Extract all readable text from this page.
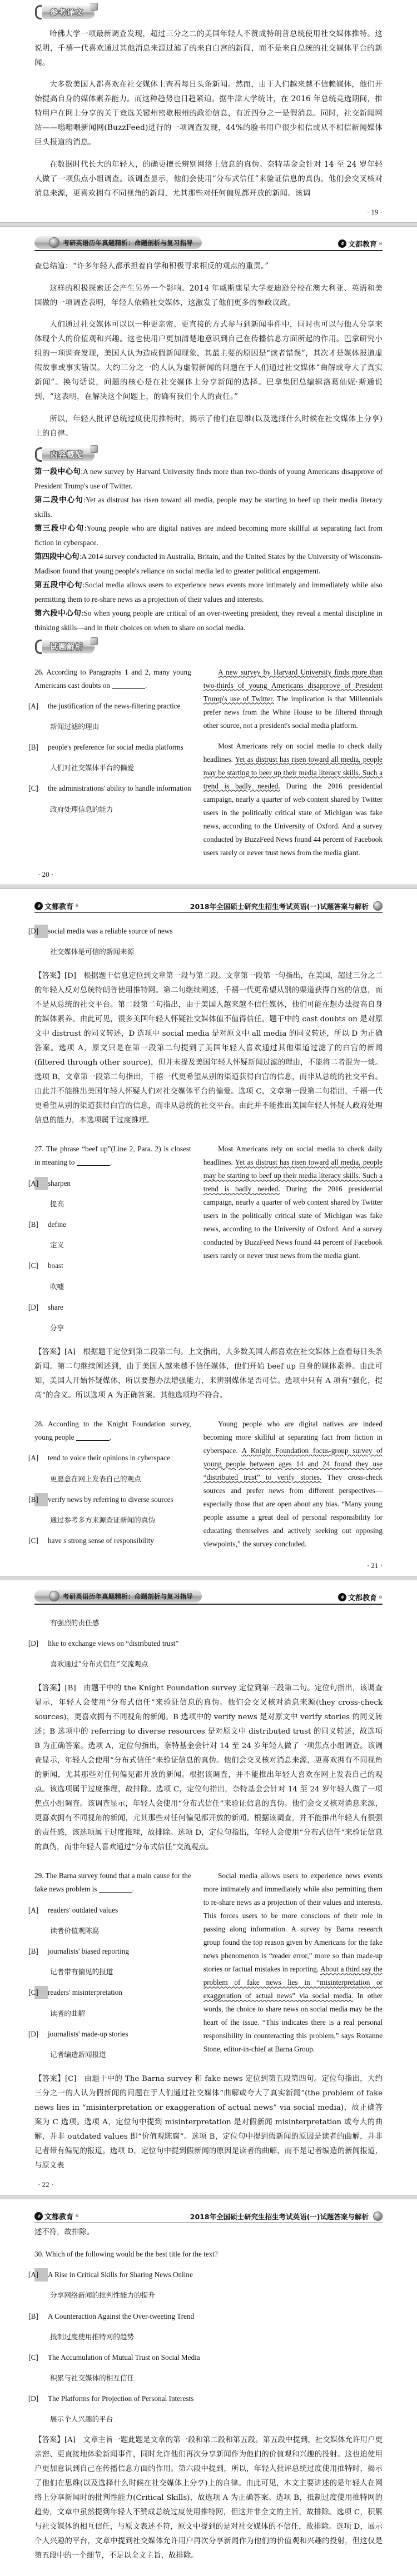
参考译文

哈佛大学一项最新调查发现，超过三分之二的美国年轻人不赞成特朗普总统使用社交媒体推特。这说明，千禧一代喜欢通过其他消息来源过滤了的来自白宫的新闻，而不是来自总统的社交媒体平台的新闻。

大多数美国人都喜欢在社交媒体上查看每日头条新闻。然而，由于人们越来越不信赖媒体，他们开始提高自身的媒体素养能力。而这种趋势也日趋紧迫。据牛津大学统计，在 2016 年总统竞选期间，推特用户在网上分享的关于竞选关键州密歇根州的政治信息，有近四分之一是假消息。同时，社交新闻网站——嗡嗡喂新闻网(BuzzFeed)进行的一项调查发现，44%的脸书用户很少相信或从不相信新闻媒体巨头报道的消息。

在数据时代长大的年轻人，的确更擅长辨别网络上信息的真伪。奈特基金会针对 14 至 24 岁年轻人做了一项焦点小组调查。该调查显示，他们会使用“分布式信任”来验证信息的真伪。他们会交叉核对消息来源，更喜欢拥有不同视角的新闻，尤其那些对任何偏见都开放的新闻。该调

· 19 ·
考研英语历年真题精析：命题剖析与复习指导	⌽ 文都教育 ®

查总结道：“许多年轻人都承担着自学和积极寻求相反的观点的重责。”

这样的积极探索还会产生另外一个影响。2014 年威斯康星大学麦迪逊分校在澳大利亚、英语和美国做的一项调查表明，年轻人依赖社交媒体，这激发了他们更多的参政议政。

人们通过社交媒体可以以一种更亲密、更直接的方式参与到新闻事件中，同时也可以与他人分享来体现个人的价值观和兴趣。这也使用户更加清楚地意识到自己在传播信息方面所起的作用。巴拿研究小组的一项调查发现，美国人认为造成假新闻现象，其最主要的原因是“读者错误”，其次才是媒体报道虚假故事或事实错误。大约三分之一的人认为虚假新闻的问题在于人们通过社交媒体“曲解或夸大了真实新闻”。换句话说，问题的核心是在社交媒体上分享新闻的选择。巴拿集团总编辑洛葛仙妮·斯通说到，“这表明，在解决这个问题上，的确有我们个人的责任。”

所以，年轻人批评总统过度使用推特时，揭示了他们在思维(以及选择什么时候在社交媒体上分享)上的自律。

内容概览

第一段中心句:A new survey by Harvard University finds more than two-thirds of young Americans disapprove of President Trump's use of Twitter.

第二段中心句:Yet as distrust has risen toward all media, people may be starting to beef up their media literacy skills.

第三段中心句:Young people who are digital natives are indeed becoming more skillful at separating fact from fiction in cyberspace.

第四段中心句:A 2014 survey conducted in Australia, Britain, and the United States by the University of Wisconsin-Madison found that young people's reliance on social media led to greater political engagement.

第五段中心句:Social media allows users to experience news events more intimately and immediately while also permitting them to re-share news as a projection of their values and interests.

第六段中心句:So when young people are critical of an over-tweeting president, they reveal a mental discipline in thinking skills—and in their choices on when to share on social media.

试题解析

26. According to Paragraphs 1 and 2, many young Americans cast doubts on	.

[A] the justification of the news-filtering practice

新闻过滤的理由

[B] people's preference for social media platforms

人们对社交媒体平台的偏爱

[C] the administrations' ability to handle information

政府处理信息的能力

A new survey by Harvard University finds more than two-thirds of young Americans disapprove of President Trump's use of Twitter. The implication is that Millennials prefer news from the White House to be filtered through other source, not a president's social media platform.

Most Americans rely on social media to check daily headlines. Yet as distrust has risen toward all media, people may be starting to beer up their media literacy skills. Such a trend is badly needed. During the 2016 presidential campaign, nearly a quarter of web content shared by Twitter users in the politically critical state of Michigan was fake news, according to the University of Oxford. And a survey conducted by BuzzFeed News found 44 percent of Facebook users rarely or never trust news from the media giant.

· 20 ·
⌽ 文都教育 ®	2018年全国硕士研究生招生考试英语(一)试题答案与解析

[D] social media was a reliable source of news

社交媒体是可信的新闻来源

【答案】[D]　根据题干信息定位到文章第一段与第二段。文章第一段第一句指出，在美国，超过三分之二的年轻人反对总统特朗普使用推特网。第二句继续阐述，千禧一代更希望从别的渠道获得白宫的信息，而不是从总统的社交平台。第二段第二句指出，由于美国人越来越不信任媒体，他们可能在想办法提高自身的媒体素养。由此可见，很多美国年轻人怀疑社交媒体值不值得信任。题干中的 cast doubts on 是对原文中 distrust 的同义转述，D 选项中 social media 是对原文中 all media 的同义转述，所以 D 为正确答案。选项 A，原文只是在第一段第二句提到了美国年轻人喜欢通过其他渠道过滤了的白宫的新闻(filtered through other source)，但并未提及美国年轻人怀疑新闻过滤的理由，不能将二者混为一谈。选项 B，文章第一段第二句指出，千禧一代更希望从别的渠道获得白宫的信息，而非从总统的社交平台。由此并不能推出美国年轻人怀疑人们对社交媒体平台的偏爱。选项 C，文章第一段第二句指出，千禧一代更希望从别的渠道获得白宫的信息，而非从总统的社交平台。由此并不能推出美国年轻人怀疑人政府处理信息的能力，本选项属于过度推理。

27. The phrase “beef up”(Line 2, Para. 2) is closest in meaning to	.

[A] sharpen

提高

[B] define

定义

[C] boast

吹嘘

[D] share

分享

Most Americans rely on social media to check daily headlines. Yet as distrust has risen toward all media, people may be starting to beef up their media literacy skills. Such a trend is badly needed. During the 2016 presidential campaign, nearly a quarter of web content shared by Twitter users in the politically critical state of Michigan was fake news, according to the University of Oxford. And a survey conducted by BuzzFeed News found 44 percent of Facebook users rarely or never trust news from the media giant.

【答案】[A]　根据题干定位到第二段第二句。上文指出，大多数美国人都喜欢在社交媒体上查看每日头条新闻。第二句继续阐述到，由于美国人越来越不信任媒体，他们开始 beef up 自身的媒体素养。由此可知，美国人开始怀疑媒体，所以要想办法增强能力，来辨别媒体是否可信。选项中只有 A 项有“强化，提高”的含义。所以选项 A 为正确答案。其他选项均不符合。

28. According to the Knight Foundation survey, young people	.

[A] tend to voice their opinions in cyberspace

更愿意在网上发表自己的观点

[B] verify news by referring to diverse sources

通过参考多方来源查证新闻的真伪

[C] have s strong sense of responsibility

Young people who are digital natives are indeed becoming more skillful at separating fact from fiction in cyberspace. A Knight Foundation focus-group survey of young people between ages 14 and 24 found they use “distributed trust” to verify stories. They cross-check sources and prefer news from different perspectives—especially those that are open about any bias. “Many young people assume a great deal of personal responsibility for educating themselves and actively seeking out opposing viewpoints,” the survey concluded.

· 21 ·
考研英语历年真题精析：命题剖析与复习指导	⌽ 文都教育 ®

有强烈的责任感

[D] like to exchange views on “distributed trust”

喜欢通过“分布式信任”交流观点

【答案】[B]　由题干中的 the Knight Foundation survey 定位到第三段第二句。定位句指出，该调查显示，年轻人会使用“分布式信任”来验证信息的真伪。他们会交叉核对消息来源(they cross-check sources)，更喜欢拥有不同视角的新闻。B 选项中的 verify news 是对原文中 verify stories 的同义转述；B 选项中的 referring to diverse resources 是对原文中 distributed trust 的同义转述，故选项 B 为正确答案。选项 A，定位句指出，奈特基金会针对 14 至 24 岁年轻人做了一项焦点小组调查。该调查显示，年轻人会使用“分布式信任”来验证信息的真伪。他们会交叉核对消息来源，更喜欢拥有不同视角的新闻，尤其那些对任何偏见都开放的新闻。根据该调查，并不能推出年轻人喜欢在网上发表自己的观点。该选项属于过度推理，故排除。选项 C，定位句指出，奈特基金会针对 14 至 24 岁年轻人做了一项焦点小组调查。该调查显示，年轻人会使用“分布式信任”来验证信息的真伪。他们会交叉核对消息来源，更喜欢拥有不同视角的新闻，尤其那些对任何偏见都开放的新闻。根据该调查，并不能推出年轻人有很强的责任感，该选项属于过度推理，故排除。选项 D，定位句指出，年轻人会使用“分布式信任”来验证信息的真伪，而非年轻人喜欢通过“分布式信任”交流观点。

29. The Barna survey found that a main cause for the fake news problem is	.

[A] readers' outdated values

读者价值观陈腐

[B] journalists' biased reporting

记者带有偏见的报道

[C] readers' misinterpretation

读者的曲解

[D] journalists' made-up stories

记者编造新闻报道

Social media allows users to experience news events more intimately and immediately while also permitting them to re-share news as a projection of their values and interests. This forces users to be more conscious of their role in passing along information. A survey by Barna research group found the top reason given by Americans for the fake news phenomenon is “reader error,” more so than made-up stories or factual mistakes in reporting. About a third say the problem of fake news lies in “misinterpretation or exaggeration of actual news” via social media. In other words, the choice to share news on social media may be the heart of the issue. “This indicates there is a real personal responsibility in counteracting this problem,” says Roxanne Stone, editor-in-chief at Barna Group.

【答案】[C]　由题干中的 The Barna survey 和 fake news 定位到第五段第四句。定位句指出，大约三分之一的人认为假新闻的问题在于人们通过社交媒体“曲解或夸大了真实新闻”(the problem of fake news lies in “misinterpretation or exaggeration of actual news” via social media)，故正确答案为 C 选项。选项 A，定位句中提到 misinterpretation 是对假新闻 misinterpretation 或夸大的曲解，并非 outdated values 即“价值观陈腐”。选项 B，定位句中提到假新闻的原因是读者的曲解，并非记者带有偏见的报道。选项 D，定位句中提到假新闻的原因是读者的曲解，而不是记者编造的新闻报道，与原文表

· 22 ·
⌽ 文都教育 ®	2018年全国硕士研究生招生考试英语(一)试题答案与解析

述不符，故排除。

30. Which of the following would be the best title for the text?

[A] A Rise in Critical Skills for Sharing News Online

分享网络新闻的批判性能力的提升

[B] A Counteraction Against the Over-tweeting Trend

抵制过度使用推特网的趋势

[C] The Accumulation of Mutual Trust on Social Media

积累与社交媒体的相互信任

[D] The Platforms for Projection of Personal Interests

展示个人兴趣的平台

【答案】[A]　文章主旨一题此题是文章的第一段和第二段和第五段。第五段中提到，社交媒体允许用户更亲密、更直接地体验新闻事件，同时允许他们再次分享新闻作为他们的价值观和兴趣的投射。这也迫使用户更加意识到自己在传播信息方面的作用。第六段中提到，所以，年轻人批评总统过度使用推特时，揭示了他们在思维(以及选择什么时候在社交媒体上分享)上的自律。由此可见，本文主要讲述的是年轻人在网络上分享新闻时的批判性能力(Critical Skills)，故选项 A 为正确答案。选项 B，抵制过度使用推特网的趋势，文章中虽然提到年轻人不赞成总统过度使用推特网，但这并非全文的主旨，故排除。选项 C，积累与社交媒体的相互信任，与原文表述不符，原文中提到的是对社交媒体的不信任，故排除。选项 D，展示个人兴趣的平台，文章中提到社交媒体允许用户再次分享新闻作为他们的价值观和兴趣的投射，但这仅是第五段中的一个细节，不足以全文主旨，故排除。
